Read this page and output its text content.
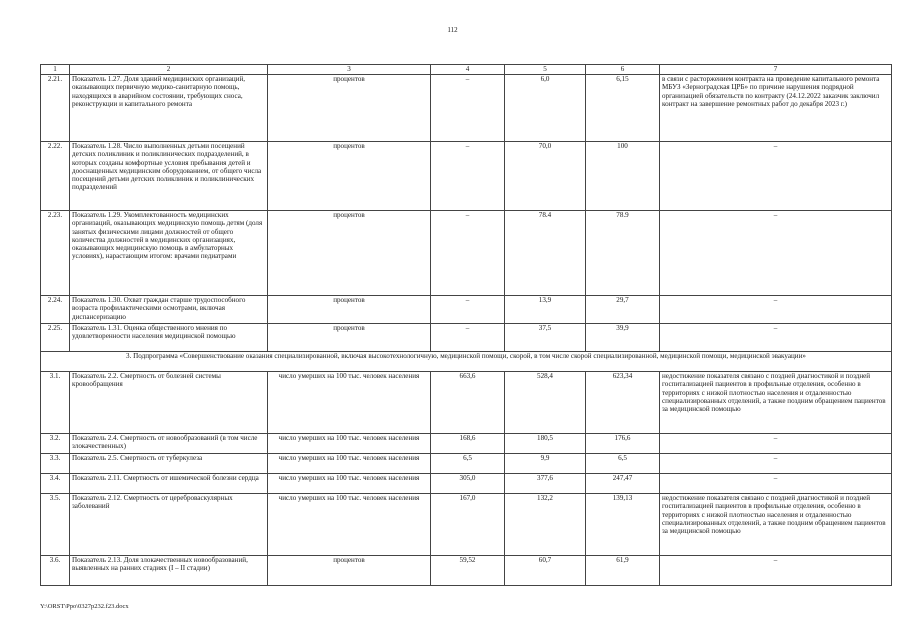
112
1	2	3	4	5	6	7
2.21.	Показатель 1.27. Доля зданий медицинских организаций, оказывающих первичную медико-санитарную помощь, находящихся в аварийном состоянии, требующих сноса, реконструкции и капитального ремонта	процентов	–	6,0	6,15	в связи с расторжением контракта на проведение капитального ремонта МБУЗ «Зерноградская ЦРБ» по причине нарушения подрядной организацией обязательств по контракту (24.12.2022 заказчик заключил контракт на завершение ремонтных работ до декабря 2023 г.)
2.22.	Показатель 1.28. Число выполненных детьми посещений детских поликлиник и поликлинических подразделений, в которых созданы комфортные условия пребывания детей и дооснащенных медицинским оборудованием, от общего числа посещений детьми детских поликлиник и поликлинических подразделений	процентов	–	70,0	100	–
2.23.	Показатель 1.29. Укомплектованность медицинских организаций, оказывающих медицинскую помощь детям (доля занятых физическими лицами должностей от общего количества должностей в медицинских организациях, оказывающих медицинскую помощь в амбулаторных условиях), нарастающим итогом: врачами педиатрами	процентов	–	78.4	78.9	–
2.24.	Показатель 1.30. Охват граждан старше трудоспособного возраста профилактическими осмотрами, включая диспансеризацию	процентов	–	13,9	29,7	–
2.25.	Показатель 1.31. Оценка общественного мнения по удовлетворенности населения медицинской помощью	процентов	–	37,5	39,9	–
3. Подпрограмма «Совершенствование оказания специализированной, включая высокотехнологичную, медицинской помощи, скорой, в том числе скорой специализированной, медицинской помощи, медицинской эвакуации»						
3.1.	Показатель 2.2. Смертность от болезней системы кровообращения	число умерших на 100 тыс. человек населения	663,6	528,4	623,34	недостижение показателя связано с поздней диагностикой и поздней госпитализацией пациентов в профильные отделения, особенно в территориях с низкой плотностью населения и отдаленностью специализированных отделений, а также поздним обращением пациентов за медицинской помощью
3.2.	Показатель 2.4. Смертность от новообразований (в том числе злокачественных)	число умерших на 100 тыс. человек населения	168,6	180,5	176,6	–
3.3.	Показатель 2.5. Смертность от туберкулеза	число умерших на 100 тыс. человек населения	6,5	9,9	6,5	–
3.4.	Показатель 2.11. Смертность от ишемической болезни сердца	число умерших на 100 тыс. человек населения	305,0	377,6	247,47	–
3.5.	Показатель 2.12. Смертность от цереброваскулярных заболеваний	число умерших на 100 тыс. человек населения	167,0	132,2	139,13	недостижение показателя связано с поздней диагностикой и поздней госпитализацией пациентов в профильные отделения, особенно в территориях с низкой плотностью населения и отдаленностью специализированных отделений, а также поздним обращением пациентов за медицинской помощью
3.6.	Показатель 2.13. Доля злокачественных новообразований, выявленных на ранних стадиях (I – II стадии)	процентов	59,52	60,7	61,9	–
Y:\ORST\Ppo\0327p232.f23.docx
